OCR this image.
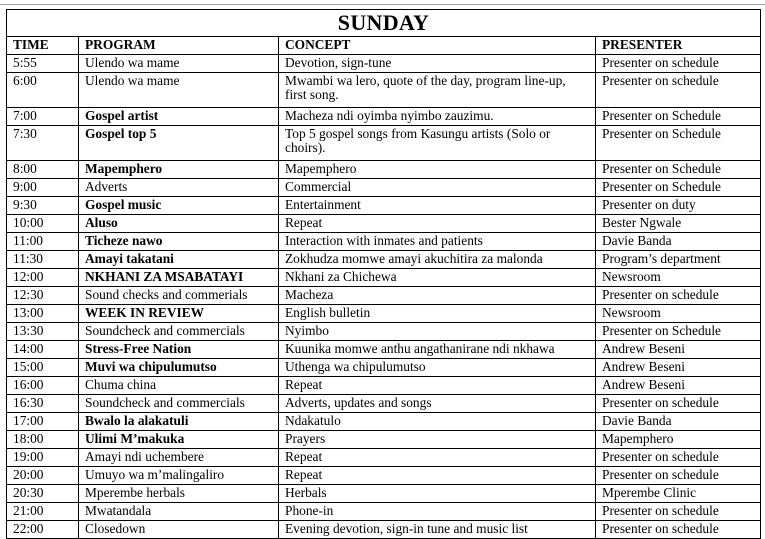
SUNDAY			
TIME	PROGRAM	CONCEPT	PRESENTER
5:55	Ulendo wa mame	Devotion, sign-tune	Presenter on schedule
6:00	Ulendo wa mame	Mwambi wa lero, quote of the day, program line-up, first song.	Presenter on schedule
7:00	Gospel artist	Macheza ndi oyimba nyimbo zauzimu.	Presenter on Schedule
7:30	Gospel top 5	Top 5 gospel songs from Kasungu artists (Solo or choirs).	Presenter on Schedule
8:00	Mapemphero	Mapemphero	Presenter on Schedule
9:00	Adverts	Commercial	Presenter on Schedule
9:30	Gospel music	Entertainment	Presenter on duty
10:00	Aluso	Repeat	Bester Ngwale
11:00	Ticheze nawo	Interaction with inmates and patients	Davie Banda
11:30	Amayi takatani	Zokhudza momwe amayi akuchitira za malonda	Program’s department
12:00	NKHANI ZA MSABATAYI	Nkhani za Chichewa	Newsroom
12:30	Sound checks and commerials	Macheza	Presenter on schedule
13:00	WEEK IN REVIEW	English bulletin	Newsroom
13:30	Soundcheck and commercials	Nyimbo	Presenter on Schedule
14:00	Stress-Free Nation	Kuunika momwe anthu angathanirane ndi nkhawa	Andrew Beseni
15:00	Muvi wa chipulumutso	Uthenga wa chipulumutso	Andrew Beseni
16:00	Chuma china	Repeat	Andrew Beseni
16:30	Soundcheck and commercials	Adverts, updates and songs	Presenter on schedule
17:00	Bwalo la alakatuli	Ndakatulo	Davie Banda
18:00	Ulimi M’makuka	Prayers	Mapemphero
19:00	Amayi ndi uchembere	Repeat	Presenter on schedule
20:00	Umuyo wa m’malingaliro	Repeat	Presenter on schedule
20:30	Mperembe herbals	Herbals	Mperembe Clinic
21:00	Mwatandala	Phone-in	Presenter on schedule
22:00	Closedown	Evening devotion, sign-in tune and music list	Presenter on schedule
